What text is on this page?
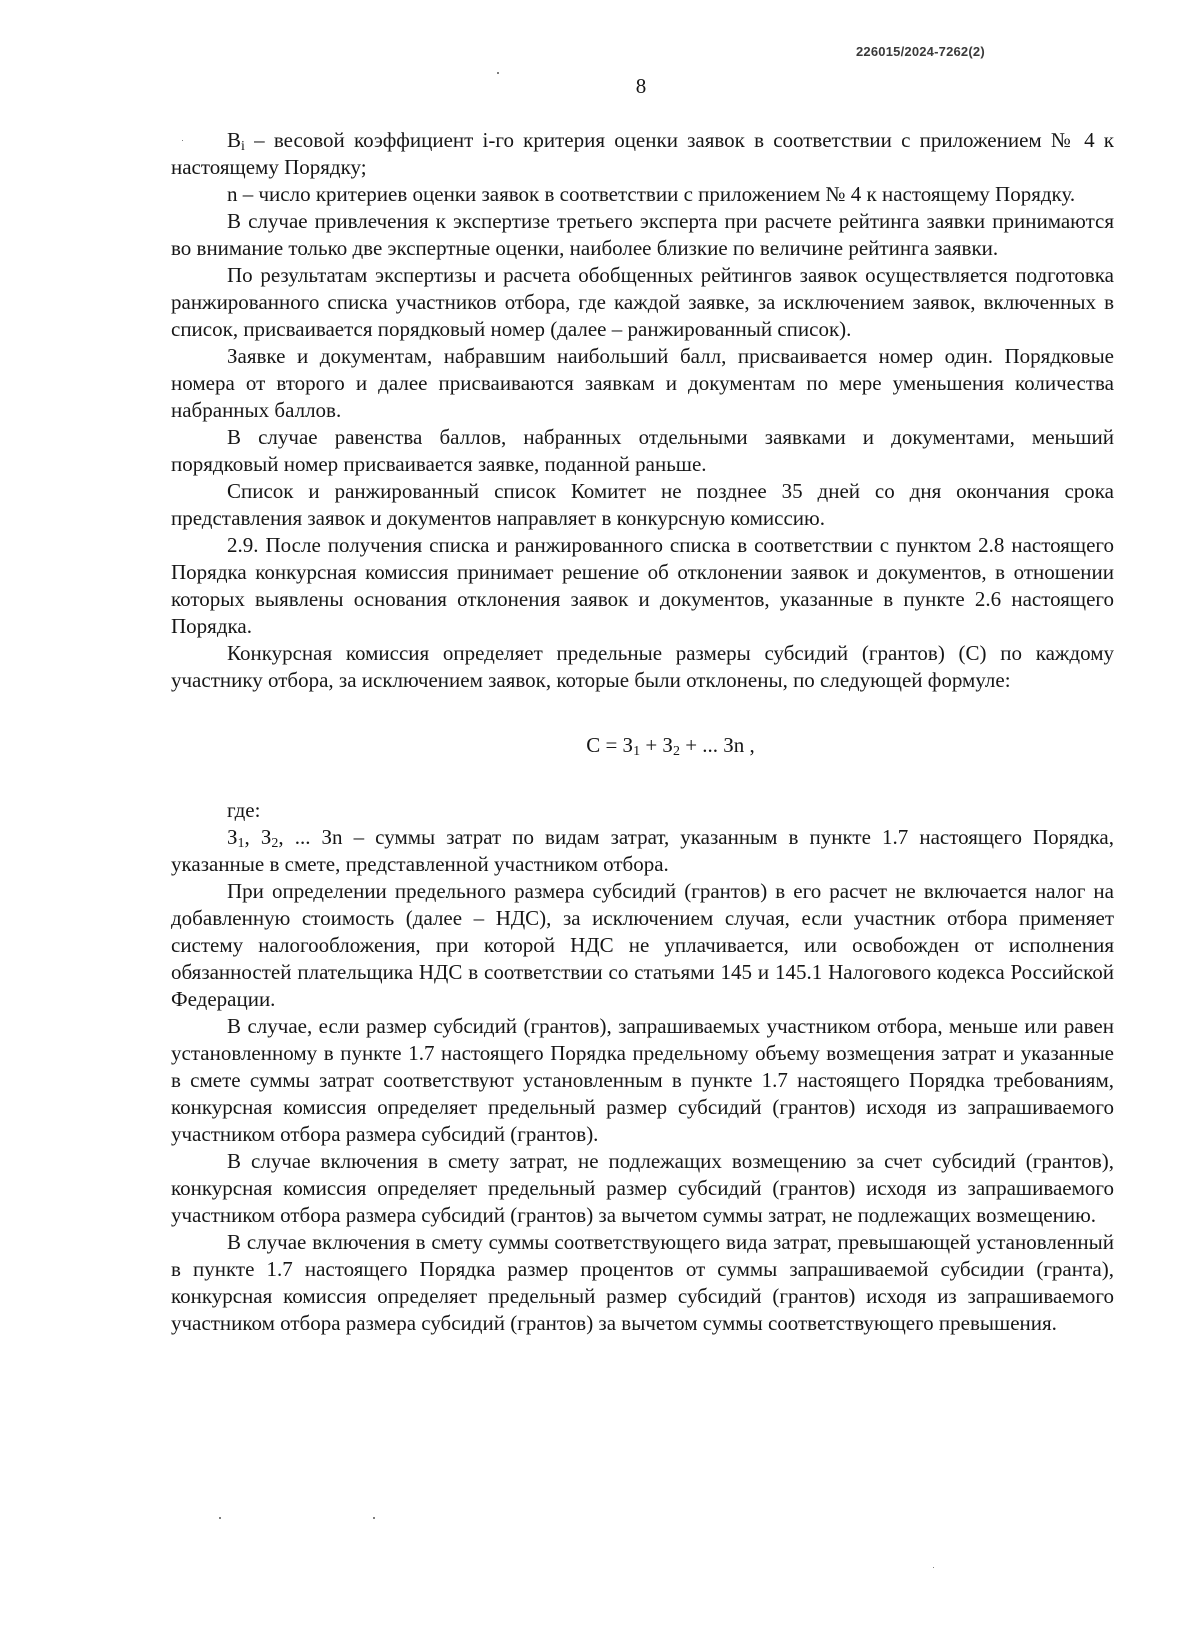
226015/2024-7262(2)
8

$B_i$ – весовой коэффициент i-го критерия оценки заявок в соответствии с приложением № 4 к настоящему Порядку;

n – число критериев оценки заявок в соответствии с приложением № 4 к настоящему Порядку.

В случае привлечения к экспертизе третьего эксперта при расчете рейтинга заявки принимаются во внимание только две экспертные оценки, наиболее близкие по величине рейтинга заявки.

По результатам экспертизы и расчета обобщенных рейтингов заявок осуществляется подготовка ранжированного списка участников отбора, где каждой заявке, за исключением заявок, включенных в список, присваивается порядковый номер (далее – ранжированный список).

Заявке и документам, набравшим наибольший балл, присваивается номер один. Порядковые номера от второго и далее присваиваются заявкам и документам по мере уменьшения количества набранных баллов.

В случае равенства баллов, набранных отдельными заявками и документами, меньший порядковый номер присваивается заявке, поданной раньше.

Список и ранжированный список Комитет не позднее 35 дней со дня окончания срока представления заявок и документов направляет в конкурсную комиссию.

2.9. После получения списка и ранжированного списка в соответствии с пунктом 2.8 настоящего Порядка конкурсная комиссия принимает решение об отклонении заявок и документов, в отношении которых выявлены основания отклонения заявок и документов, указанные в пункте 2.6 настоящего Порядка.

Конкурсная комиссия определяет предельные размеры субсидий (грантов) (С) по каждому участнику отбора, за исключением заявок, которые были отклонены, по следующей формуле:

$С = З_1 + З_2$ + ... Зn ,

где:

$З_1$, $З_2$, ... Зn – суммы затрат по видам затрат, указанным в пункте 1.7 настоящего Порядка, указанные в смете, представленной участником отбора.

При определении предельного размера субсидий (грантов) в его расчет не включается налог на добавленную стоимость (далее – НДС), за исключением случая, если участник отбора применяет систему налогообложения, при которой НДС не уплачивается, или освобожден от исполнения обязанностей плательщика НДС в соответствии со статьями 145 и 145.1 Налогового кодекса Российской Федерации.

В случае, если размер субсидий (грантов), запрашиваемых участником отбора, меньше или равен установленному в пункте 1.7 настоящего Порядка предельному объему возмещения затрат и указанные в смете суммы затрат соответствуют установленным в пункте 1.7 настоящего Порядка требованиям, конкурсная комиссия определяет предельный размер субсидий (грантов) исходя из запрашиваемого участником отбора размера субсидий (грантов).

В случае включения в смету затрат, не подлежащих возмещению за счет субсидий (грантов), конкурсная комиссия определяет предельный размер субсидий (грантов) исходя из запрашиваемого участником отбора размера субсидий (грантов) за вычетом суммы затрат, не подлежащих возмещению.

В случае включения в смету суммы соответствующего вида затрат, превышающей установленный в пункте 1.7 настоящего Порядка размер процентов от суммы запрашиваемой субсидии (гранта), конкурсная комиссия определяет предельный размер субсидий (грантов) исходя из запрашиваемого участником отбора размера субсидий (грантов) за вычетом суммы соответствующего превышения.
